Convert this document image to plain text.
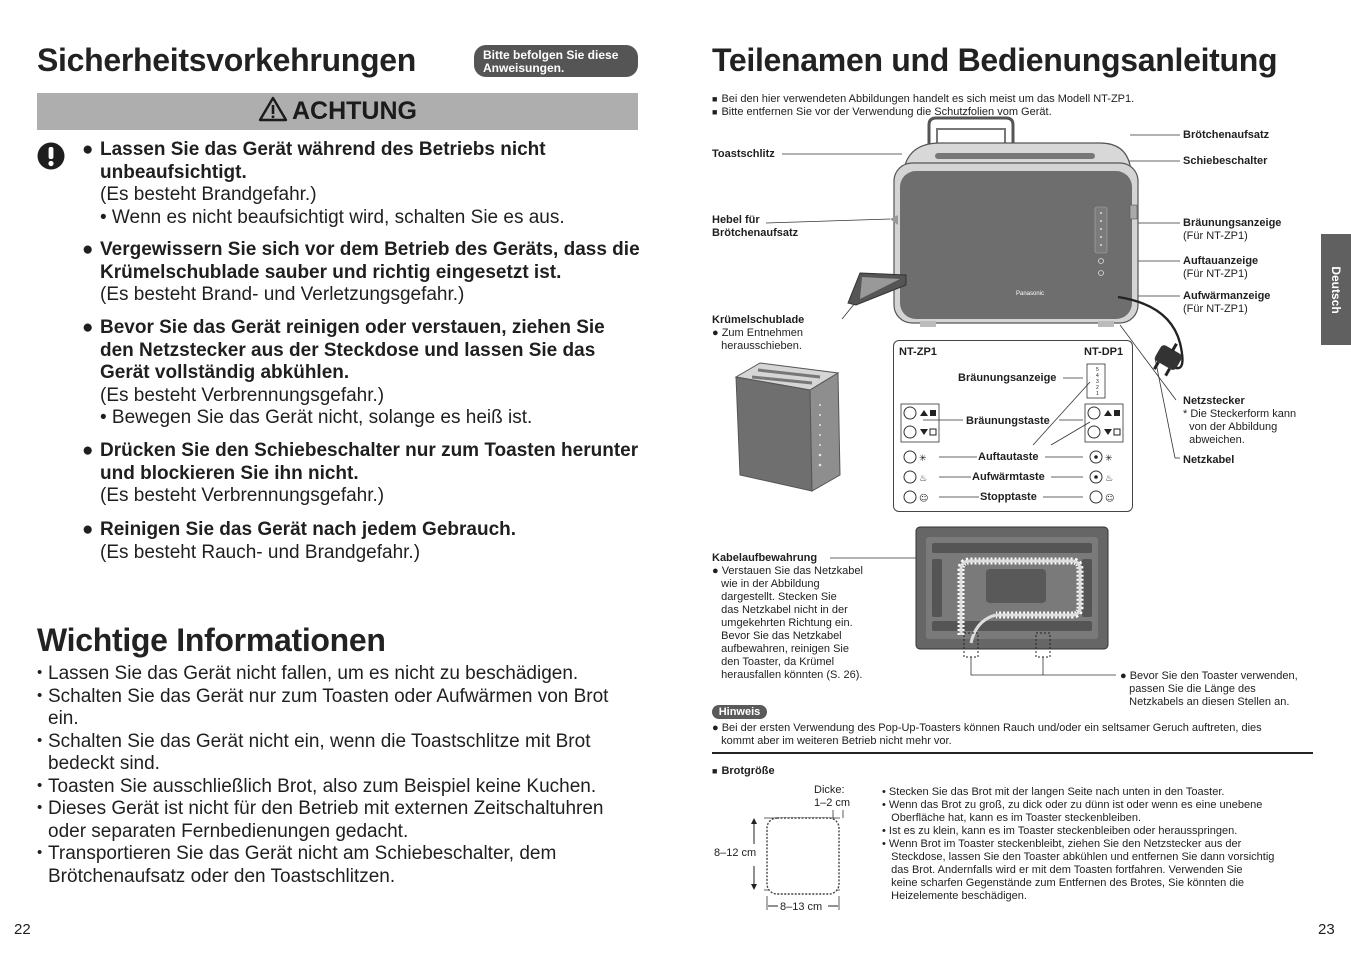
Sicherheitsvorkehrungen	Bitte befolgen Sie diese Anweisungen.
ACHTUNG
● Lassen Sie das Gerät während des Betriebs nicht unbeaufsichtigt.
(Es besteht Brandgefahr.)
• Wenn es nicht beaufsichtigt wird, schalten Sie es aus.
● Vergewissern Sie sich vor dem Betrieb des Geräts, dass die Krümelschublade sauber und richtig eingesetzt ist.
(Es besteht Brand- und Verletzungsgefahr.)
● Bevor Sie das Gerät reinigen oder verstauen, ziehen Sie den Netzstecker aus der Steckdose und lassen Sie das Gerät vollständig abkühlen.
(Es besteht Verbrennungsgefahr.)
• Bewegen Sie das Gerät nicht, solange es heiß ist.
● Drücken Sie den Schiebeschalter nur zum Toasten herunter und blockieren Sie ihn nicht.
(Es besteht Verbrennungsgefahr.)
● Reinigen Sie das Gerät nach jedem Gebrauch.
(Es besteht Rauch- und Brandgefahr.)
Wichtige Informationen
• Lassen Sie das Gerät nicht fallen, um es nicht zu beschädigen.
• Schalten Sie das Gerät nur zum Toasten oder Aufwärmen von Brot ein.
• Schalten Sie das Gerät nicht ein, wenn die Toastschlitze mit Brot bedeckt sind.
• Toasten Sie ausschließlich Brot, also zum Beispiel keine Kuchen.
• Dieses Gerät ist nicht für den Betrieb mit externen Zeitschaltuhren oder separaten Fernbedienungen gedacht.
• Transportieren Sie das Gerät nicht am Schiebeschalter, dem Brötchenaufsatz oder den Toastschlitzen.
22
Teilenamen und Bedienungsanleitung
■ Bei den hier verwendeten Abbildungen handelt es sich meist um das Modell NT-ZP1.
■ Bitte entfernen Sie vor der Verwendung die Schutzfolien vom Gerät.
Deutsch
Panasonic
Toastschlitz
Brötchenaufsatz
Schiebeschalter
Hebel für
Brötchenaufsatz
Bräunungsanzeige
(Für NT-ZP1)
Auftauanzeige
(Für NT-ZP1)
Aufwärmanzeige
(Für NT-ZP1)
Krümelschublade
● Zum Entnehmen
herausschieben.
Netzstecker
* Die Steckerform kann
von der Abbildung
abweichen.
Netzkabel
NT-ZP1	NT-DP1
Bräunungsanzeige
Bräunungstaste
Auftautaste
Aufwärmtaste
Stopptaste
5
4
3
2
1
✳
♨
☺
✳
♨
☺
Kabelaufbewahrung
● Verstauen Sie das Netzkabel
wie in der Abbildung
dargestellt. Stecken Sie
das Netzkabel nicht in der
umgekehrten Richtung ein.
Bevor Sie das Netzkabel
aufbewahren, reinigen Sie
den Toaster, da Krümel
herausfallen könnten (S. 26).	● Bevor Sie den Toaster verwenden,
passen Sie die Länge des
Netzkabels an diesen Stellen an.
Hinweis
● Bei der ersten Verwendung des Pop-Up-Toasters können Rauch und/oder ein seltsamer Geruch auftreten, dies
kommt aber im weiteren Betrieb nicht mehr vor.
■ Brotgröße
Dicke:
1–2 cm
8–12 cm
8–13 cm
• Stecken Sie das Brot mit der langen Seite nach unten in den Toaster.
• Wenn das Brot zu groß, zu dick oder zu dünn ist oder wenn es eine unebene
Oberfläche hat, kann es im Toaster steckenbleiben.
• Ist es zu klein, kann es im Toaster steckenbleiben oder herausspringen.
• Wenn Brot im Toaster steckenbleibt, ziehen Sie den Netzstecker aus der
Steckdose, lassen Sie den Toaster abkühlen und entfernen Sie dann vorsichtig
das Brot. Andernfalls wird er mit dem Toasten fortfahren. Verwenden Sie
keine scharfen Gegenstände zum Entfernen des Brotes, Sie könnten die
Heizelemente beschädigen.
23
